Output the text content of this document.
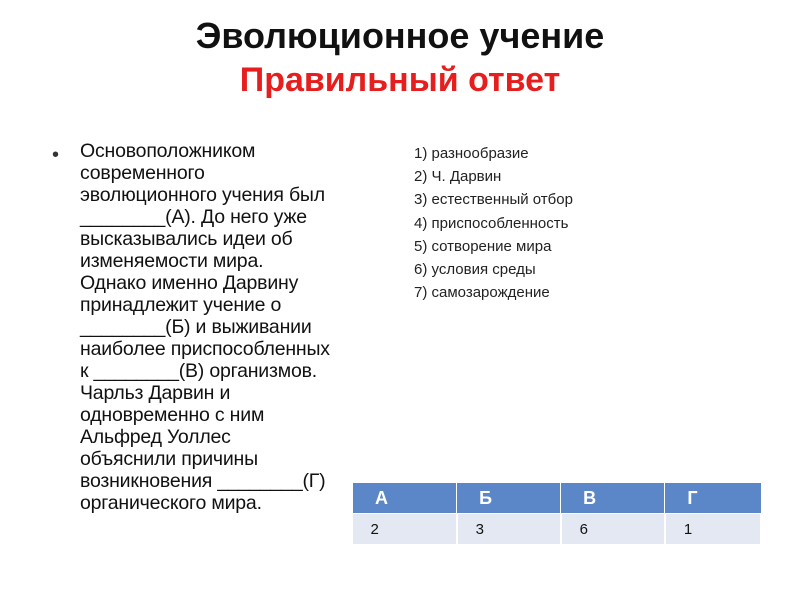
Эволюционное учение
Правильный ответ
• Основоположником
современного
эволюционного учения был
________(А). До него уже
высказывались идеи об
изменяемости мира.
Однако именно Дарвину
принадлежит учение о
________(Б) и выживании
наиболее приспособленных
к ________(В) организмов.
Чарльз Дарвин и
одновременно с ним
Альфред Уоллес
объяснили причины
возникновения ________(Г)
органического мира.
1) разнообразие
2) Ч. Дарвин
3) естественный отбор
4) приспособленность
5) сотворение мира
6) условия среды
7) самозарождение
А	Б	В	Г
2	3	6	1
